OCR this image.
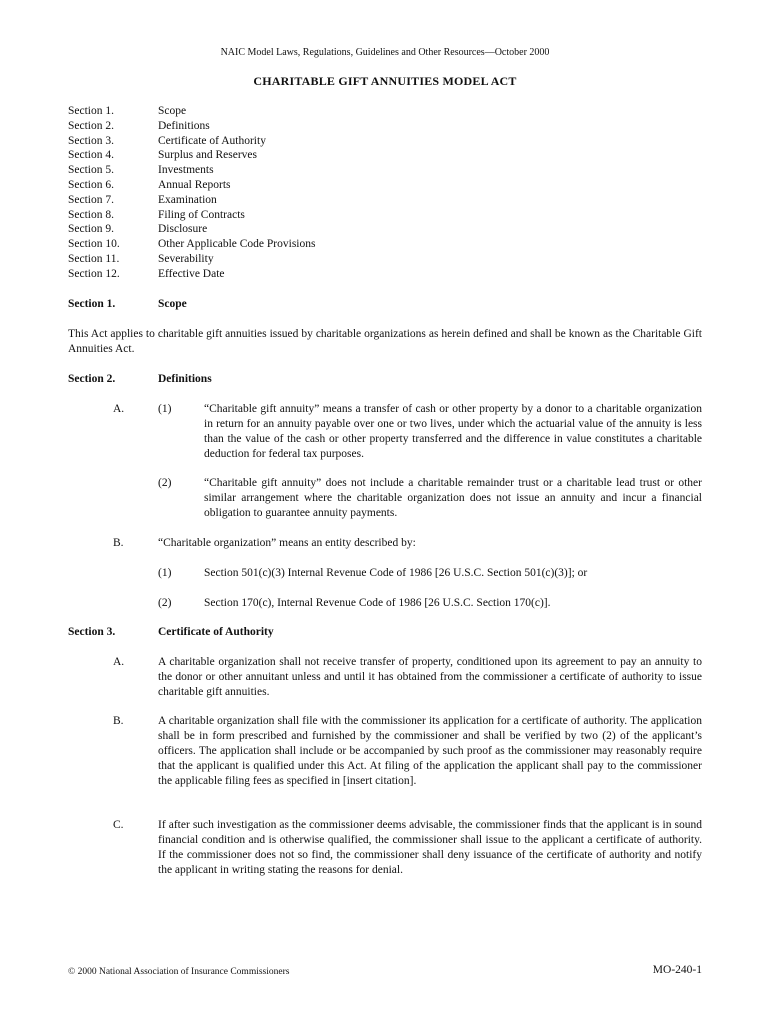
NAIC Model Laws, Regulations, Guidelines and Other Resources—October 2000
CHARITABLE GIFT ANNUITIES MODEL ACT
Section 1.	Scope
Section 2.	Definitions
Section 3.	Certificate of Authority
Section 4.	Surplus and Reserves
Section 5.	Investments
Section 6.	Annual Reports
Section 7.	Examination
Section 8.	Filing of Contracts
Section 9.	Disclosure
Section 10.	Other Applicable Code Provisions
Section 11.	Severability
Section 12.	Effective Date
Section 1.	Scope
This Act applies to charitable gift annuities issued by charitable organizations as herein defined and shall be known as the Charitable Gift Annuities Act.
Section 2.	Definitions
A.	(1)	“Charitable gift annuity” means a transfer of cash or other property by a donor to a charitable organization in return for an annuity payable over one or two lives, under which the actuarial value of the annuity is less than the value of the cash or other property transferred and the difference in value constitutes a charitable deduction for federal tax purposes.
(2)	“Charitable gift annuity” does not include a charitable remainder trust or a charitable lead trust or other similar arrangement where the charitable organization does not issue an annuity and incur a financial obligation to guarantee annuity payments.
B.	“Charitable organization” means an entity described by:
(1)	Section 501(c)(3) Internal Revenue Code of 1986 [26 U.S.C. Section 501(c)(3)]; or
(2)	Section 170(c), Internal Revenue Code of 1986 [26 U.S.C. Section 170(c)].
Section 3.	Certificate of Authority
A.	A charitable organization shall not receive transfer of property, conditioned upon its agreement to pay an annuity to the donor or other annuitant unless and until it has obtained from the commissioner a certificate of authority to issue charitable gift annuities.
B.	A charitable organization shall file with the commissioner its application for a certificate of authority. The application shall be in form prescribed and furnished by the commissioner and shall be verified by two (2) of the applicant’s officers. The application shall include or be accompanied by such proof as the commissioner may reasonably require that the applicant is qualified under this Act. At filing of the application the applicant shall pay to the commissioner the applicable filing fees as specified in [insert citation].
C.	If after such investigation as the commissioner deems advisable, the commissioner finds that the applicant is in sound financial condition and is otherwise qualified, the commissioner shall issue to the applicant a certificate of authority. If the commissioner does not so find, the commissioner shall deny issuance of the certificate of authority and notify the applicant in writing stating the reasons for denial.
© 2000 National Association of Insurance Commissioners	MO-240-1
